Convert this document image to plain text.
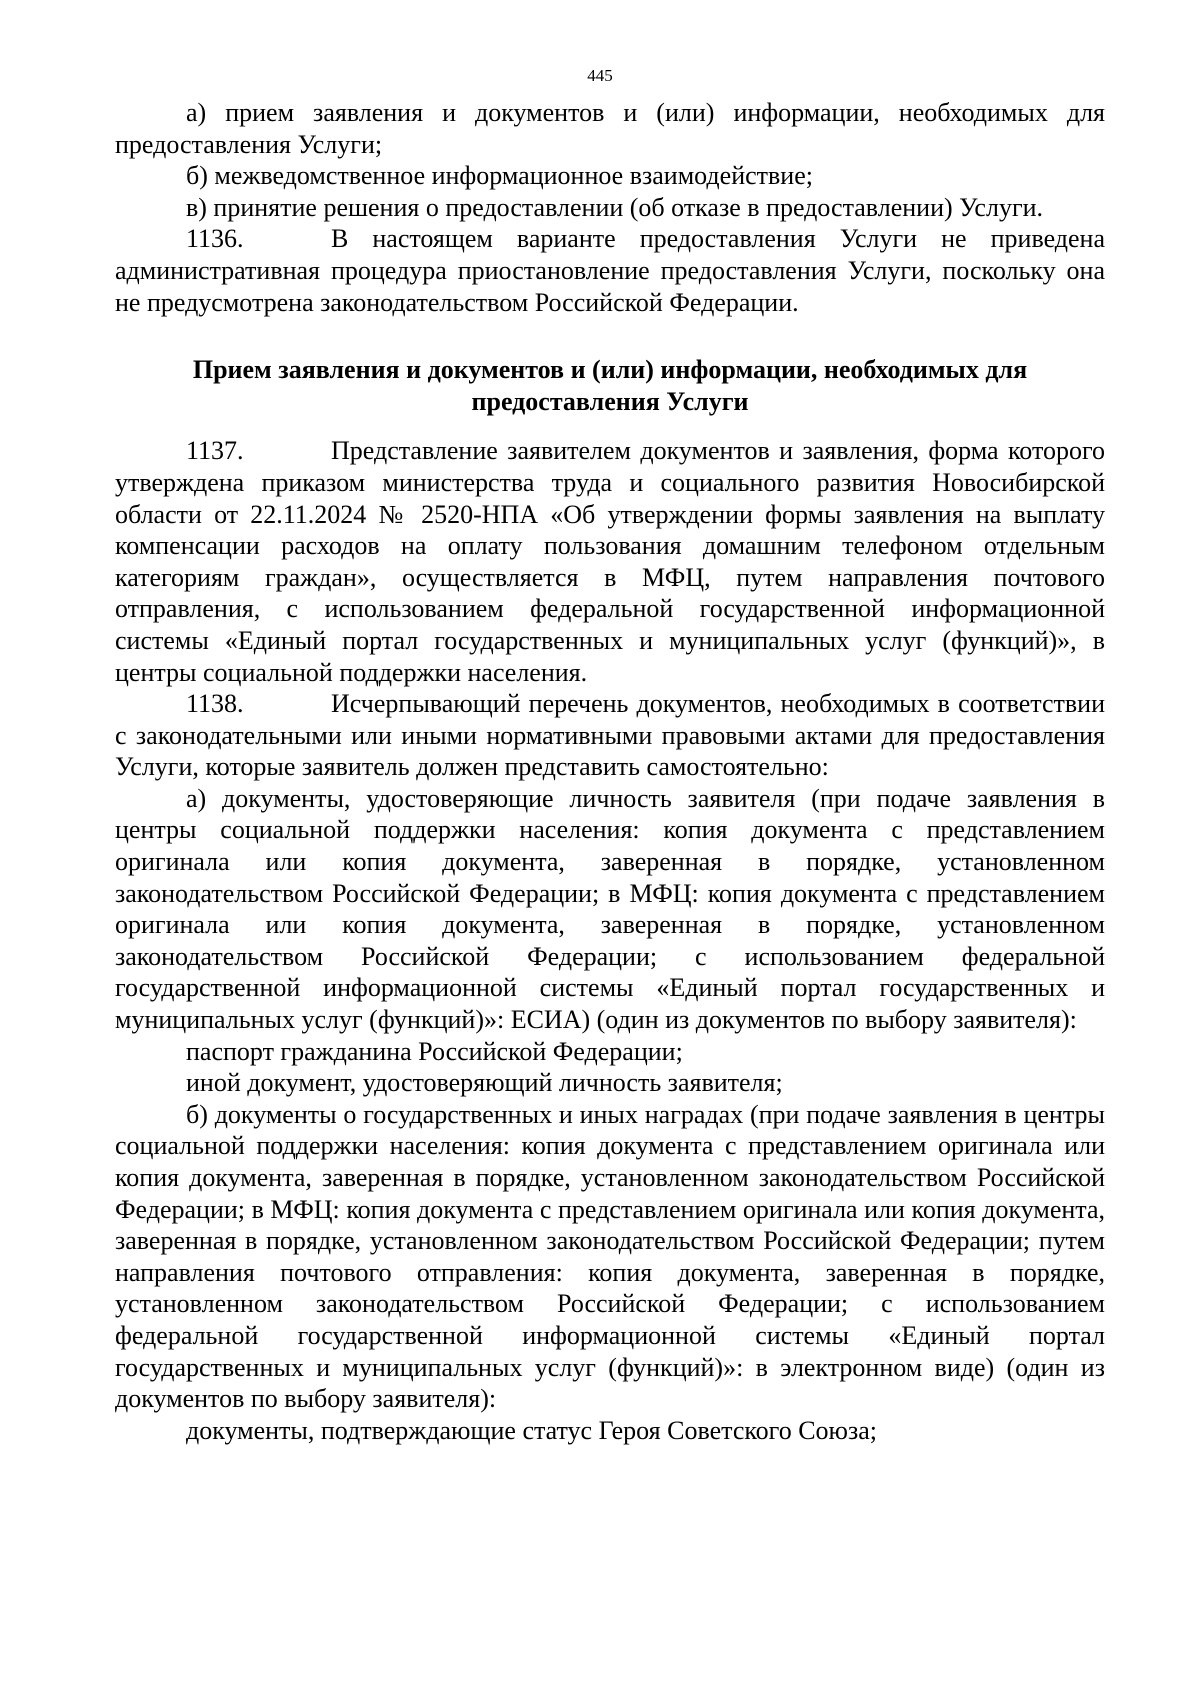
445

а) прием заявления и документов и (или) информации, необходимых для предоставления Услуги;

б) межведомственное информационное взаимодействие;

в) принятие решения о предоставлении (об отказе в предоставлении) Услуги.

1136.	В настоящем варианте предоставления Услуги не приведена административная процедура приостановление предоставления Услуги, поскольку она не предусмотрена законодательством Российской Федерации.

Прием заявления и документов и (или) информации, необходимых для предоставления Услуги

1137.	Представление заявителем документов и заявления, форма которого утверждена приказом министерства труда и социального развития Новосибирской области от 22.11.2024 № 2520-НПА «Об утверждении формы заявления на выплату компенсации расходов на оплату пользования домашним телефоном отдельным категориям граждан», осуществляется в МФЦ, путем направления почтового отправления, с использованием федеральной государственной информационной системы «Единый портал государственных и муниципальных услуг (функций)», в центры социальной поддержки населения.

1138.	Исчерпывающий перечень документов, необходимых в соответствии с законодательными или иными нормативными правовыми актами для предоставления Услуги, которые заявитель должен представить самостоятельно:

а) документы, удостоверяющие личность заявителя (при подаче заявления в центры социальной поддержки населения: копия документа с представлением оригинала или копия документа, заверенная в порядке, установленном законодательством Российской Федерации; в МФЦ: копия документа с представлением оригинала или копия документа, заверенная в порядке, установленном законодательством Российской Федерации; с использованием федеральной государственной информационной системы «Единый портал государственных и муниципальных услуг (функций)»: ЕСИА) (один из документов по выбору заявителя):

паспорт гражданина Российской Федерации;

иной документ, удостоверяющий личность заявителя;

б) документы о государственных и иных наградах (при подаче заявления в центры социальной поддержки населения: копия документа с представлением оригинала или копия документа, заверенная в порядке, установленном законодательством Российской Федерации; в МФЦ: копия документа с представлением оригинала или копия документа, заверенная в порядке, установленном законодательством Российской Федерации; путем направления почтового отправления: копия документа, заверенная в порядке, установленном законодательством Российской Федерации; с использованием федеральной государственной информационной системы «Единый портал государственных и муниципальных услуг (функций)»: в электронном виде) (один из документов по выбору заявителя):

документы, подтверждающие статус Героя Советского Союза;
